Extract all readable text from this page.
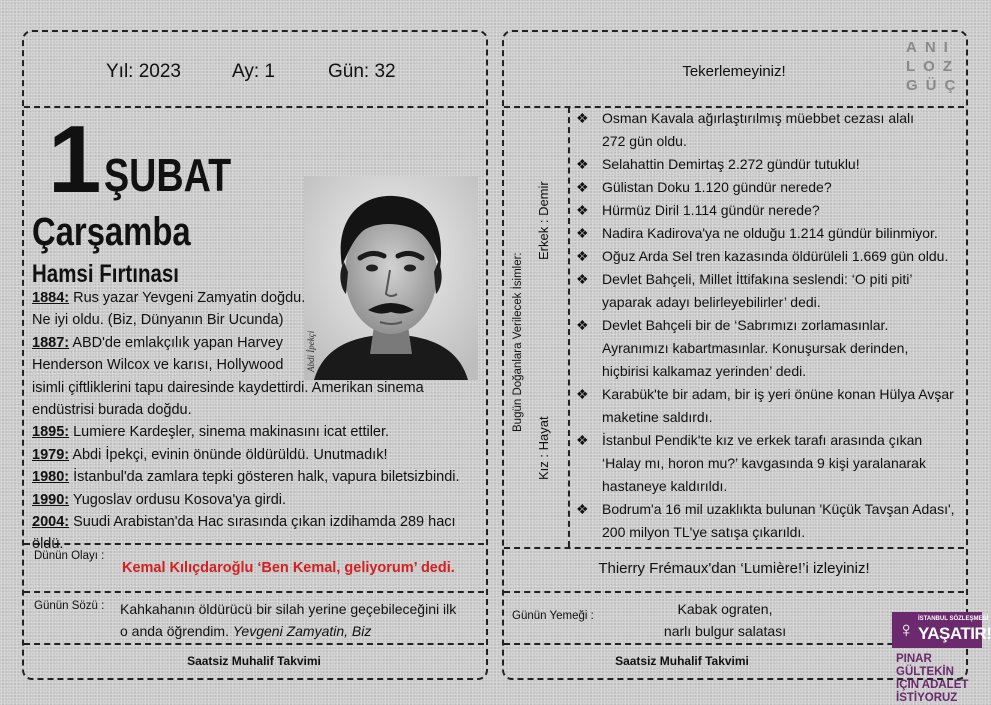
Yıl: 2023	Ay: 1	Gün: 32
1 ŞUBAT
Çarşamba
Hamsi Fırtınası
Abdi İpekçi
1884: Rus yazar Yevgeni Zamyatin doğdu.
Ne iyi oldu. (Biz, Dünyanın Bir Ucunda)
1887: ABD'de emlakçılık yapan Harvey
Henderson Wilcox ve karısı, Hollywood
isimli çiftliklerini tapu dairesinde kaydettirdi. Amerikan sinema
endüstrisi burada doğdu.
1895: Lumiere Kardeşler, sinema makinasını icat ettiler.
1979: Abdi İpekçi, evinin önünde öldürüldü. Unutmadık!
1980: İstanbul'da zamlara tepki gösteren halk, vapura biletsizbindi.
1990: Yugoslav ordusu Kosova'ya girdi.
2004: Suudi Arabistan'da Hac sırasında çıkan izdihamda 289 hacı öldü.
Dünün Olayı :
Kemal Kılıçdaroğlu ‘Ben Kemal, geliyorum’ dedi.
Günün Sözü : Kahkahanın öldürücü bir silah yerine geçebileceğini ilk
o anda öğrendim. Yevgeni Zamyatin, Biz
Saatsiz Muhalif Takvimi
Tekerlemeyiniz!
ANI
LOZ
GÜÇ
Bugün Doğanlara Verilecek İsimler:
Erkek : Demir
Kız : Hayat
❖ Osman Kavala ağırlaştırılmış müebbet cezası alalı
272 gün oldu.
❖ Selahattin Demirtaş 2.272 gündür tutuklu!
❖ Gülistan Doku 1.120 gündür nerede?
❖ Hürmüz Diril 1.114 gündür nerede?
❖ Nadira Kadirova'ya ne olduğu 1.214 gündür bilinmiyor.
❖ Oğuz Arda Sel tren kazasında öldürüleli 1.669 gün oldu.
❖ Devlet Bahçeli, Millet İttifakına seslendi: ‘O piti piti’
yaparak adayı belirleyebilirler’ dedi.
❖ Devlet Bahçeli bir de ‘Sabrımızı zorlamasınlar.
Ayranımızı kabartmasınlar. Konuşursak derinden,
hiçbirisi kalkamaz yerinden’ dedi.
❖ Karabük'te bir adam, bir iş yeri önüne konan Hülya Avşar
maketine saldırdı.
❖ İstanbul Pendik'te kız ve erkek tarafı arasında çıkan
‘Halay mı, horon mu?’ kavgasında 9 kişi yaralanarak
hastaneye kaldırıldı.
❖ Bodrum'a 16 mil uzaklıkta bulunan 'Küçük Tavşan Adası',
200 milyon TL'ye satışa çıkarıldı.
Thierry Frémaux'dan ‘Lumière!’i izleyiniz!
Günün Yemeği :	Kabak ograten,
narlı bulgur salatası
Saatsiz Muhalif Takvimi
♀ İSTANBUL SÖZLEŞMESİ
YAŞATIR!
PINAR GÜLTEKİN
İÇİN ADALET
İSTİYORUZ
